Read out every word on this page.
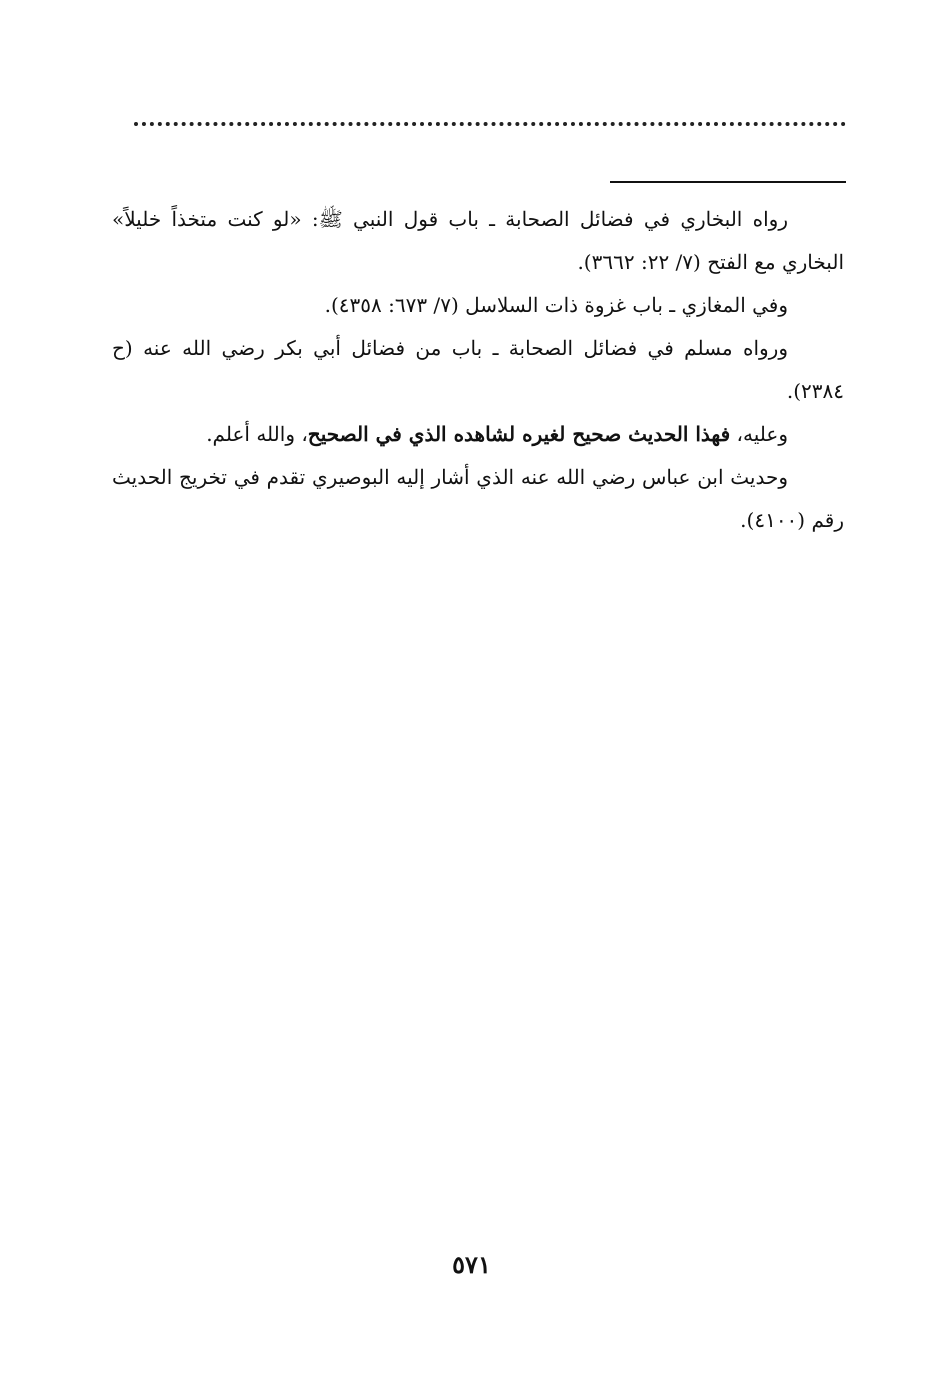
رواه البخاري في فضائل الصحابة ـ باب قول النبي ﷺ: «لو كنت متخذاً خليلاً» البخاري مع الفتح (٧/ ٢٢: ٣٦٦٢).

وفي المغازي ـ باب غزوة ذات السلاسل (٧/ ٦٧٣: ٤٣٥٨).

ورواه مسلم في فضائل الصحابة ـ باب من فضائل أبي بكر رضي الله عنه (ح ٢٣٨٤).

وعليه، فهذا الحديث صحيح لغيره لشاهده الذي في الصحيح، والله أعلم.

وحديث ابن عباس رضي الله عنه الذي أشار إليه البوصيري تقدم في تخريج الحديث رقم (٤١٠٠).

٥٧١
